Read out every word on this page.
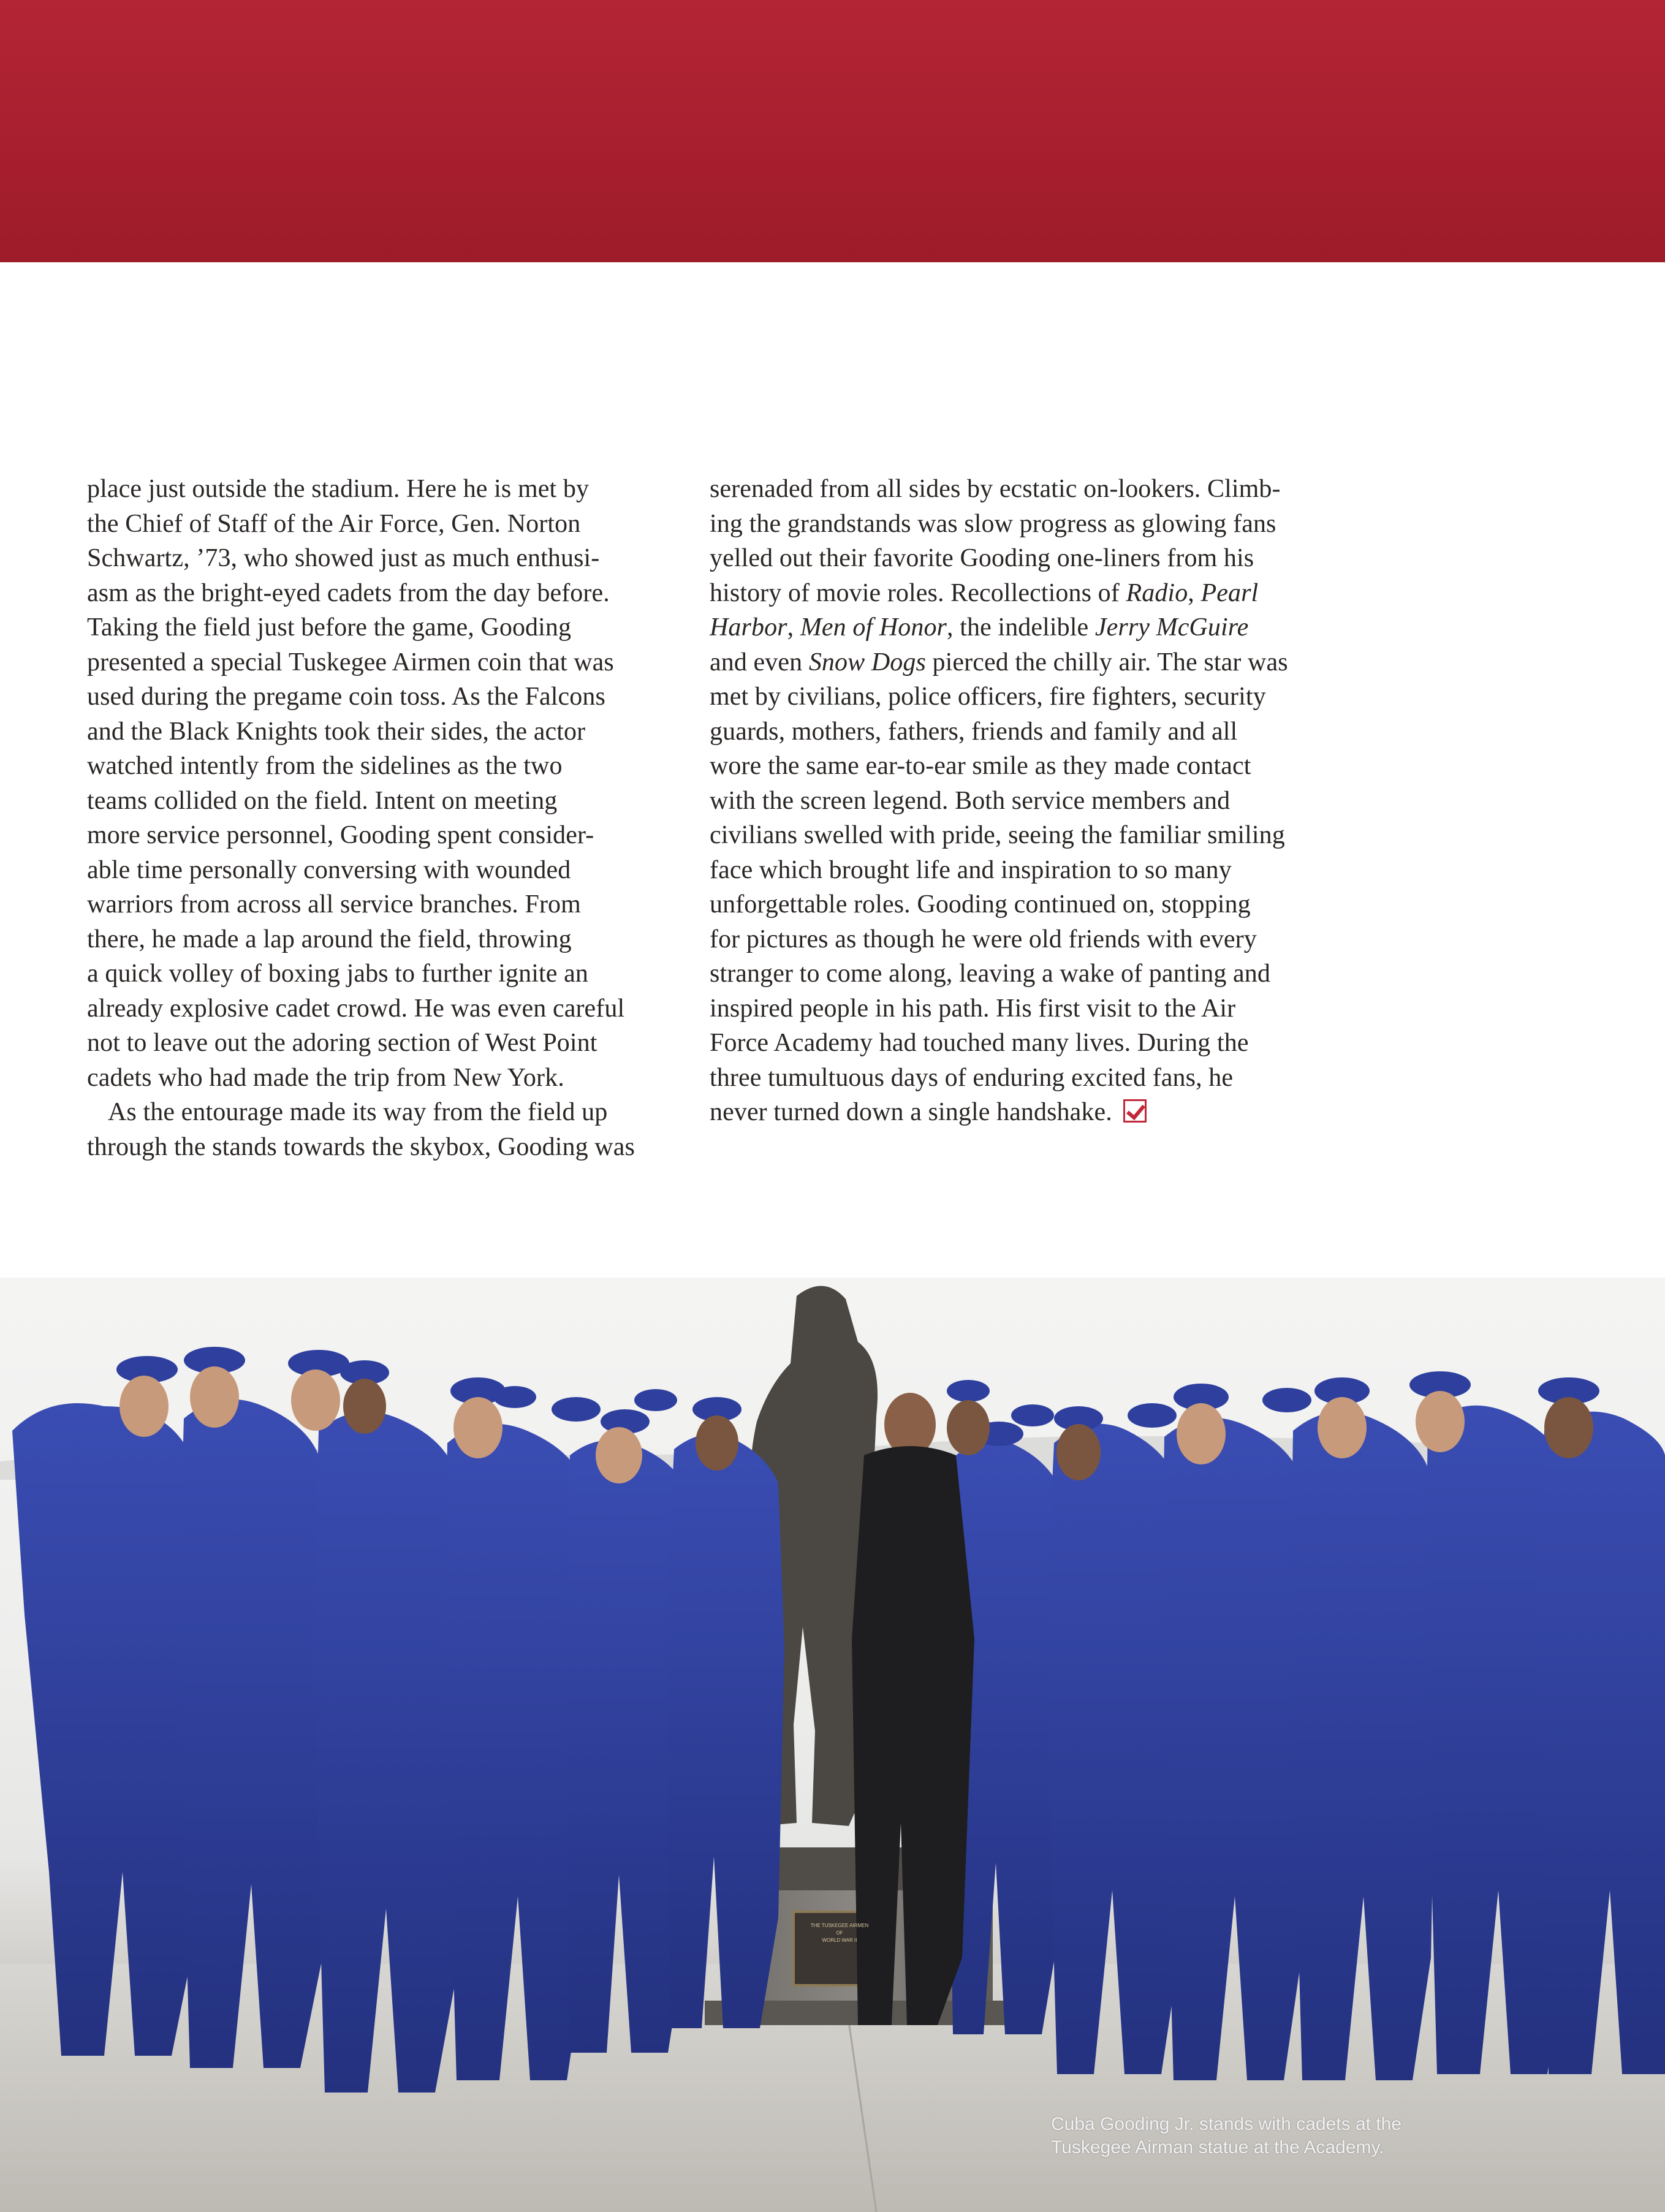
place just outside the stadium. Here he is met by
the Chief of Staff of the Air Force, Gen. Norton
Schwartz, ’73, who showed just as much enthusi-
asm as the bright-eyed cadets from the day before.
Taking the field just before the game, Gooding
presented a special Tuskegee Airmen coin that was
used during the pregame coin toss. As the Falcons
and the Black Knights took their sides, the actor
watched intently from the sidelines as the two
teams collided on the field. Intent on meeting
more service personnel, Gooding spent consider-
able time personally conversing with wounded
warriors from across all service branches. From
there, he made a lap around the field, throwing
a quick volley of boxing jabs to further ignite an
already explosive cadet crowd. He was even careful
not to leave out the adoring section of West Point
cadets who had made the trip from New York.

As the entourage made its way from the field up
through the stands towards the skybox, Gooding was

serenaded from all sides by ecstatic on-lookers. Climb-
ing the grandstands was slow progress as glowing fans
yelled out their favorite Gooding one-liners from his
history of movie roles. Recollections of Radio, Pearl
Harbor, Men of Honor, the indelible Jerry McGuire
and even Snow Dogs pierced the chilly air. The star was
met by civilians, police officers, fire fighters, security
guards, mothers, fathers, friends and family and all
wore the same ear-to-ear smile as they made contact
with the screen legend. Both service members and
civilians swelled with pride, seeing the familiar smiling
face which brought life and inspiration to so many
unforgettable roles. Gooding continued on, stopping
for pictures as though he were old friends with every
stranger to come along, leaving a wake of panting and
inspired people in his path. His first visit to the Air
Force Academy had touched many lives. During the
three tumultuous days of enduring excited fans, he
never turned down a single handshake.

THE TUSKEGEE AIRMEN
OF
WORLD WAR II
Cuba Gooding Jr. stands with cadets at the
Tuskegee Airman statue at the Academy.
